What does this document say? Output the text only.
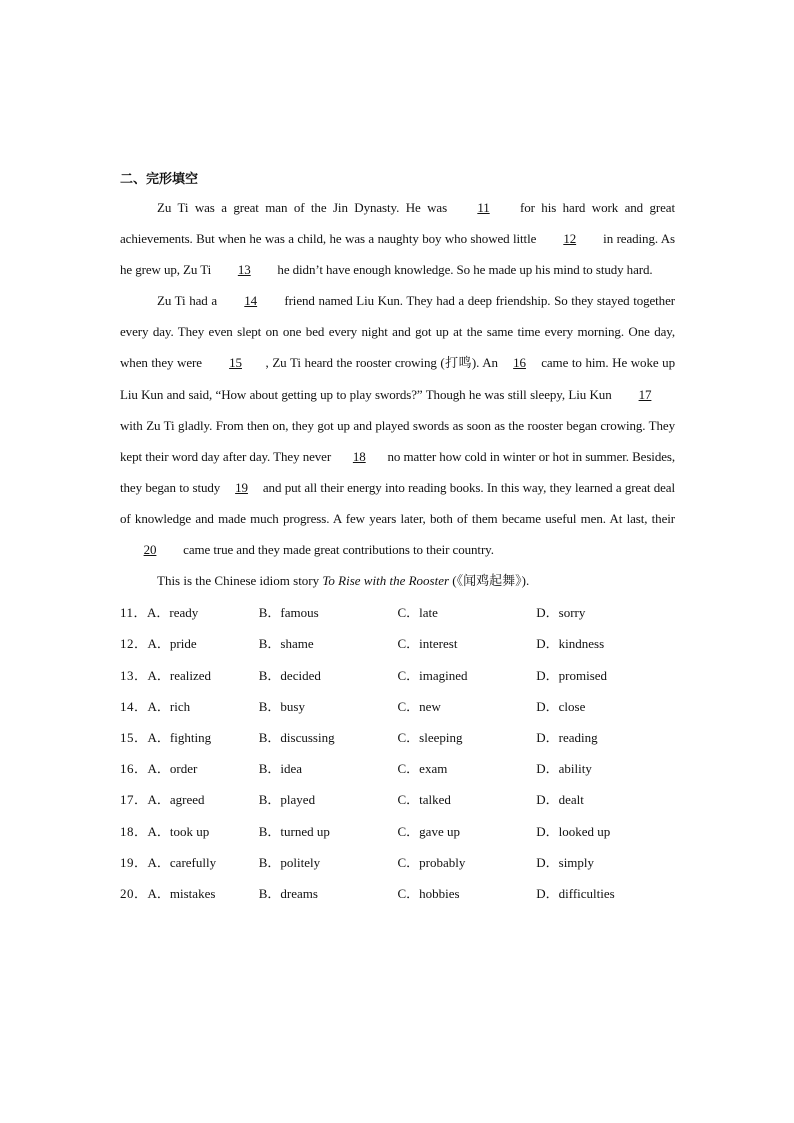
二、完形填空

Zu Ti was a great man of the Jin Dynasty. He was 11 for his hard work and great achievements. But when he was a child, he was a naughty boy who showed little 12 in reading. As he grew up, Zu Ti 13 he didn’t have enough knowledge. So he made up his mind to study hard.

Zu Ti had a 14 friend named Liu Kun. They had a deep friendship. So they stayed together every day. They even slept on one bed every night and got up at the same time every morning. One day, when they were 15 , Zu Ti heard the rooster crowing (打鸣). An 16 came to him. He woke up Liu Kun and said, “How about getting up to play swords?” Though he was still sleepy, Liu Kun 17 with Zu Ti gladly. From then on, they got up and played swords as soon as the rooster began crowing. They kept their word day after day. They never 18 no matter how cold in winter or hot in summer. Besides, they began to study 19 and put all their energy into reading books. In this way, they learned a great deal of knowledge and made much progress. A few years later, both of them became useful men. At last, their 20 came true and they made great contributions to their country.

This is the Chinese idiom story To Rise with the Rooster (《闻鸡起舞》).

11．A．ready	B．famous	C．late	D．sorry
12．A．pride	B．shame	C．interest	D．kindness
13．A．realized	B．decided	C．imagined	D．promised
14．A．rich	B．busy	C．new	D．close
15．A．fighting	B．discussing	C．sleeping	D．reading
16．A．order	B．idea	C．exam	D．ability
17．A．agreed	B．played	C．talked	D．dealt
18．A．took up	B．turned up	C．gave up	D．looked up
19．A．carefully	B．politely	C．probably	D．simply
20．A．mistakes	B．dreams	C．hobbies	D．difficulties
